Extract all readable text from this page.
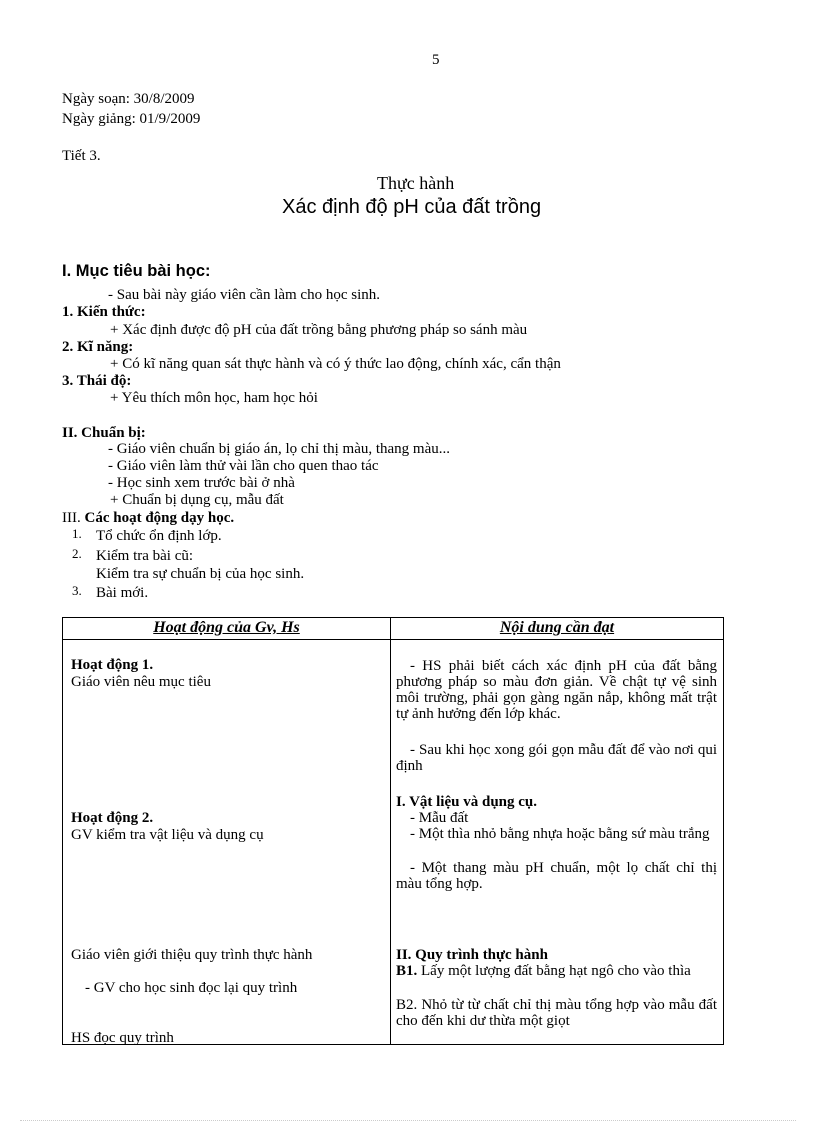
5
Ngày soạn: 30/8/2009
Ngày giảng: 01/9/2009
Tiết 3.
Thực hành
Xác định độ pH của đất trồng
I. Mục tiêu bài học:
- Sau bài này giáo viên cần làm cho học sinh.
1. Kiến thức:
+ Xác định được độ pH của đất trồng bằng phương pháp so sánh màu
2. Kĩ năng:
+ Có kĩ năng quan sát thực hành và có ý thức lao động, chính xác, cẩn thận
3. Thái độ:
+ Yêu thích môn học, ham học hỏi
II. Chuẩn bị:
- Giáo viên chuẩn bị giáo án, lọ chỉ thị màu, thang màu...
- Giáo viên làm thử vài lần cho quen thao tác
- Học sinh xem trước bài ở nhà
+ Chuẩn bị dụng cụ, mẫu đất
III. Các hoạt động dạy học.
1. Tổ chức ổn định lớp.
2. Kiểm tra bài cũ:
Kiểm tra sự chuẩn bị của học sinh.
3. Bài mới.
Hoạt động của Gv, Hs	Nội dung cần đạt
Hoạt động 1.
Giáo viên nêu mục tiêu
Hoạt động 2.
GV kiểm tra vật liệu và dụng cụ
Giáo viên giới thiệu quy trình thực hành
- GV cho học sinh đọc lại quy trình
HS đọc quy trình
- HS phải biết cách xác định pH của đất bằng phương pháp so màu đơn giản. Về chật tự vệ sinh môi trường, phải gọn gàng ngăn nắp, không mất trật tự ảnh hưởng đến lớp khác.
- Sau khi học xong gói gọn mẫu đất để vào nơi qui định
I. Vật liệu và dụng cụ.
- Mẫu đất
- Một thìa nhỏ bằng nhựa hoặc bằng sứ màu trắng
- Một thang màu pH chuẩn, một lọ chất chỉ thị màu tổng hợp.
II. Quy trình thực hành
B1. Lấy một lượng đất bằng hạt ngô cho vào thìa
B2. Nhỏ từ từ chất chỉ thị màu tổng hợp vào mẫu đất cho đến khi dư thừa một giọt
